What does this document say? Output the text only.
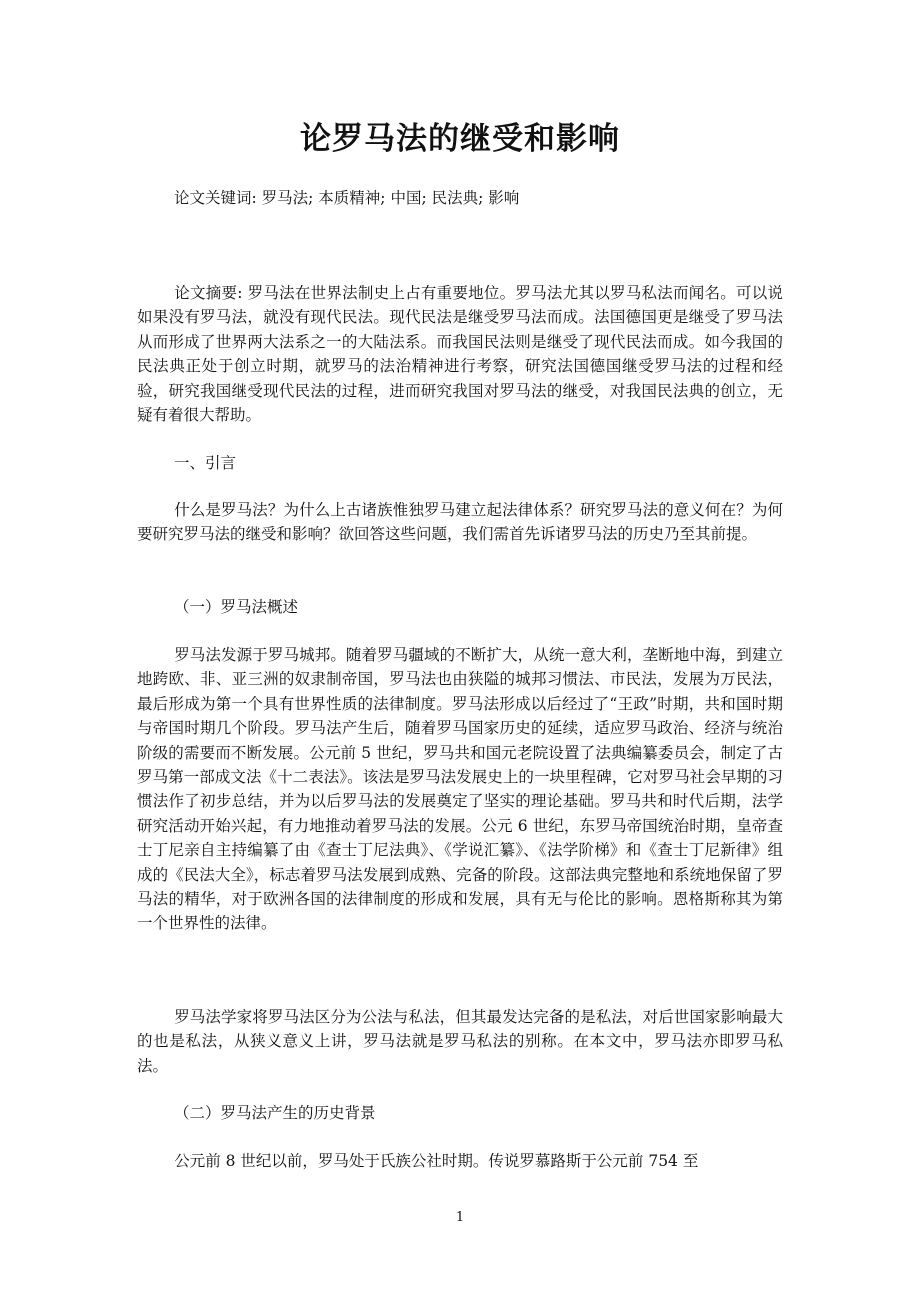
论罗马法的继受和影响

论文关键词: 罗马法; 本质精神; 中国; 民法典; 影响

论文摘要: 罗马法在世界法制史上占有重要地位。罗马法尤其以罗马私法而闻名。可以说如果没有罗马法，就没有现代民法。现代民法是继受罗马法而成。法国德国更是继受了罗马法从而形成了世界两大法系之一的大陆法系。而我国民法则是继受了现代民法而成。如今我国的民法典正处于创立时期，就罗马的法治精神进行考察，研究法国德国继受罗马法的过程和经验，研究我国继受现代民法的过程，进而研究我国对罗马法的继受，对我国民法典的创立，无疑有着很大帮助。

一、引言

什么是罗马法？为什么上古诸族惟独罗马建立起法律体系？研究罗马法的意义何在？为何要研究罗马法的继受和影响？欲回答这些问题，我们需首先诉诸罗马法的历史乃至其前提。

（一）罗马法概述

罗马法发源于罗马城邦。随着罗马疆域的不断扩大，从统一意大利，垄断地中海，到建立地跨欧、非、亚三洲的奴隶制帝国，罗马法也由狭隘的城邦习惯法、市民法，发展为万民法，最后形成为第一个具有世界性质的法律制度。罗马法形成以后经过了“王政”时期，共和国时期与帝国时期几个阶段。罗马法产生后，随着罗马国家历史的延续，适应罗马政治、经济与统治阶级的需要而不断发展。公元前 5 世纪，罗马共和国元老院设置了法典编纂委员会，制定了古罗马第一部成文法《十二表法》。该法是罗马法发展史上的一块里程碑，它对罗马社会早期的习惯法作了初步总结，并为以后罗马法的发展奠定了坚实的理论基础。罗马共和时代后期，法学研究活动开始兴起，有力地推动着罗马法的发展。公元 6 世纪，东罗马帝国统治时期，皇帝查士丁尼亲自主持编纂了由《查士丁尼法典》、《学说汇纂》、《法学阶梯》和《查士丁尼新律》组成的《民法大全》，标志着罗马法发展到成熟、完备的阶段。这部法典完整地和系统地保留了罗马法的精华，对于欧洲各国的法律制度的形成和发展，具有无与伦比的影响。恩格斯称其为第一个世界性的法律。

罗马法学家将罗马法区分为公法与私法，但其最发达完备的是私法，对后世国家影响最大的也是私法，从狭义意义上讲，罗马法就是罗马私法的别称。在本文中，罗马法亦即罗马私法。

（二）罗马法产生的历史背景

公元前 8 世纪以前，罗马处于氏族公社时期。传说罗慕路斯于公元前 754 至

1
